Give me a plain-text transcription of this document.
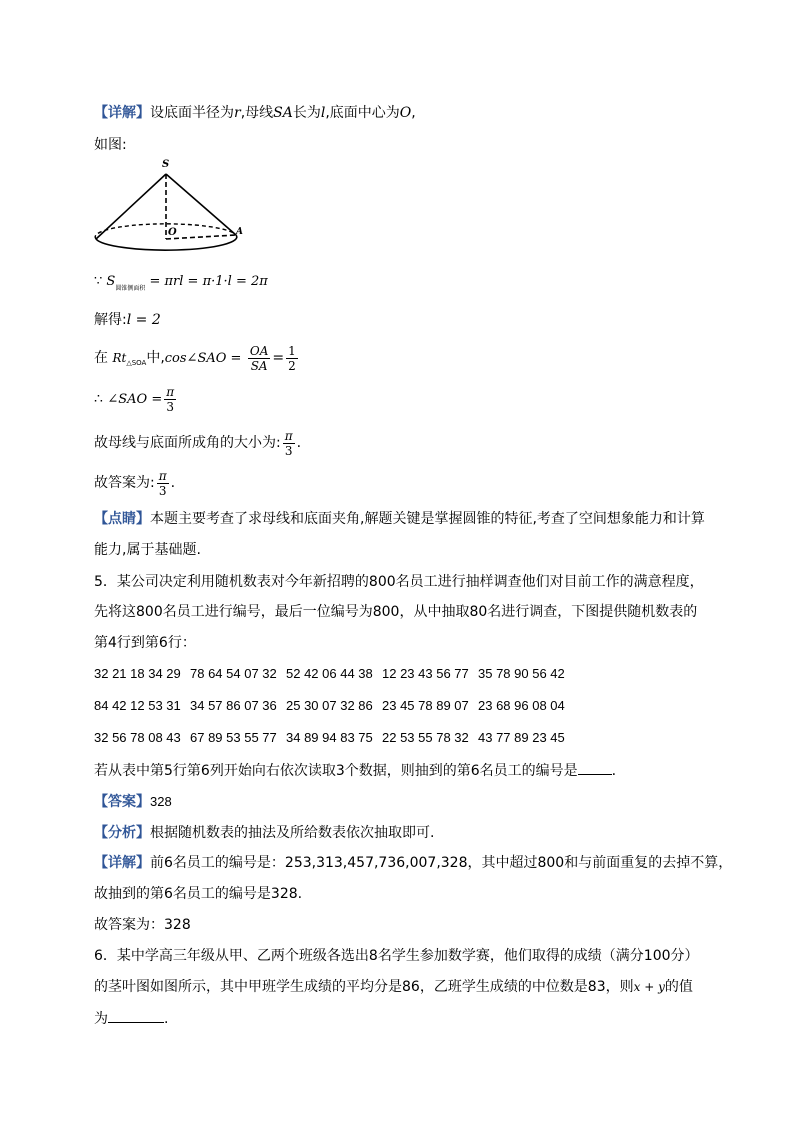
【详解】设底面半径为r,母线SA长为l,底面中心为O,
如图:
S
O	A
∵ $S_{圆锥侧面积} = \pi rl = \pi\cdot 1\cdot l = 2\pi$
解得:l = 2
在 $Rt_{\triangle SOA}$中,cos∠SAO = $\frac{OA}{SA} = \frac{1}{2}$
∴ ∠SAO = $\frac{\pi}{3}$
故母线与底面所成角的大小为: $\frac{\pi}{3}$ .
故答案为: $\frac{\pi}{3}$ .
【点睛】本题主要考查了求母线和底面夹角,解题关键是掌握圆锥的特征,考查了空间想象能力和计算
能力,属于基础题.
5．某公司决定利用随机数表对今年新招聘的800名员工进行抽样调查他们对目前工作的满意程度，
先将这800名员工进行编号，最后一位编号为800，从中抽取80名进行调查，下图提供随机数表的
第4行到第6行：
32 21 18 34 29 78 64 54 07 32 52 42 06 44 38 12 23 43 56 77 35 78 90 56 42
84 42 12 53 31 34 57 86 07 36 25 30 07 32 86 23 45 78 89 07 23 68 96 08 04
32 56 78 08 43 67 89 53 55 77 34 89 94 83 75 22 53 55 78 32 43 77 89 23 45
若从表中第5行第6列开始向右依次读取3个数据，则抽到的第6名员工的编号是 .
【答案】328
【分析】根据随机数表的抽法及所给数表依次抽取即可.
【详解】前6名员工的编号是：253,313,457,736,007,328，其中超过800和与前面重复的去掉不算，
故抽到的第6名员工的编号是328.
故答案为：328
6．某中学高三年级从甲、乙两个班级各选出8名学生参加数学赛，他们取得的成绩（满分100分）
的茎叶图如图所示，其中甲班学生成绩的平均分是86，乙班学生成绩的中位数是83，则x + y的值
为	.
